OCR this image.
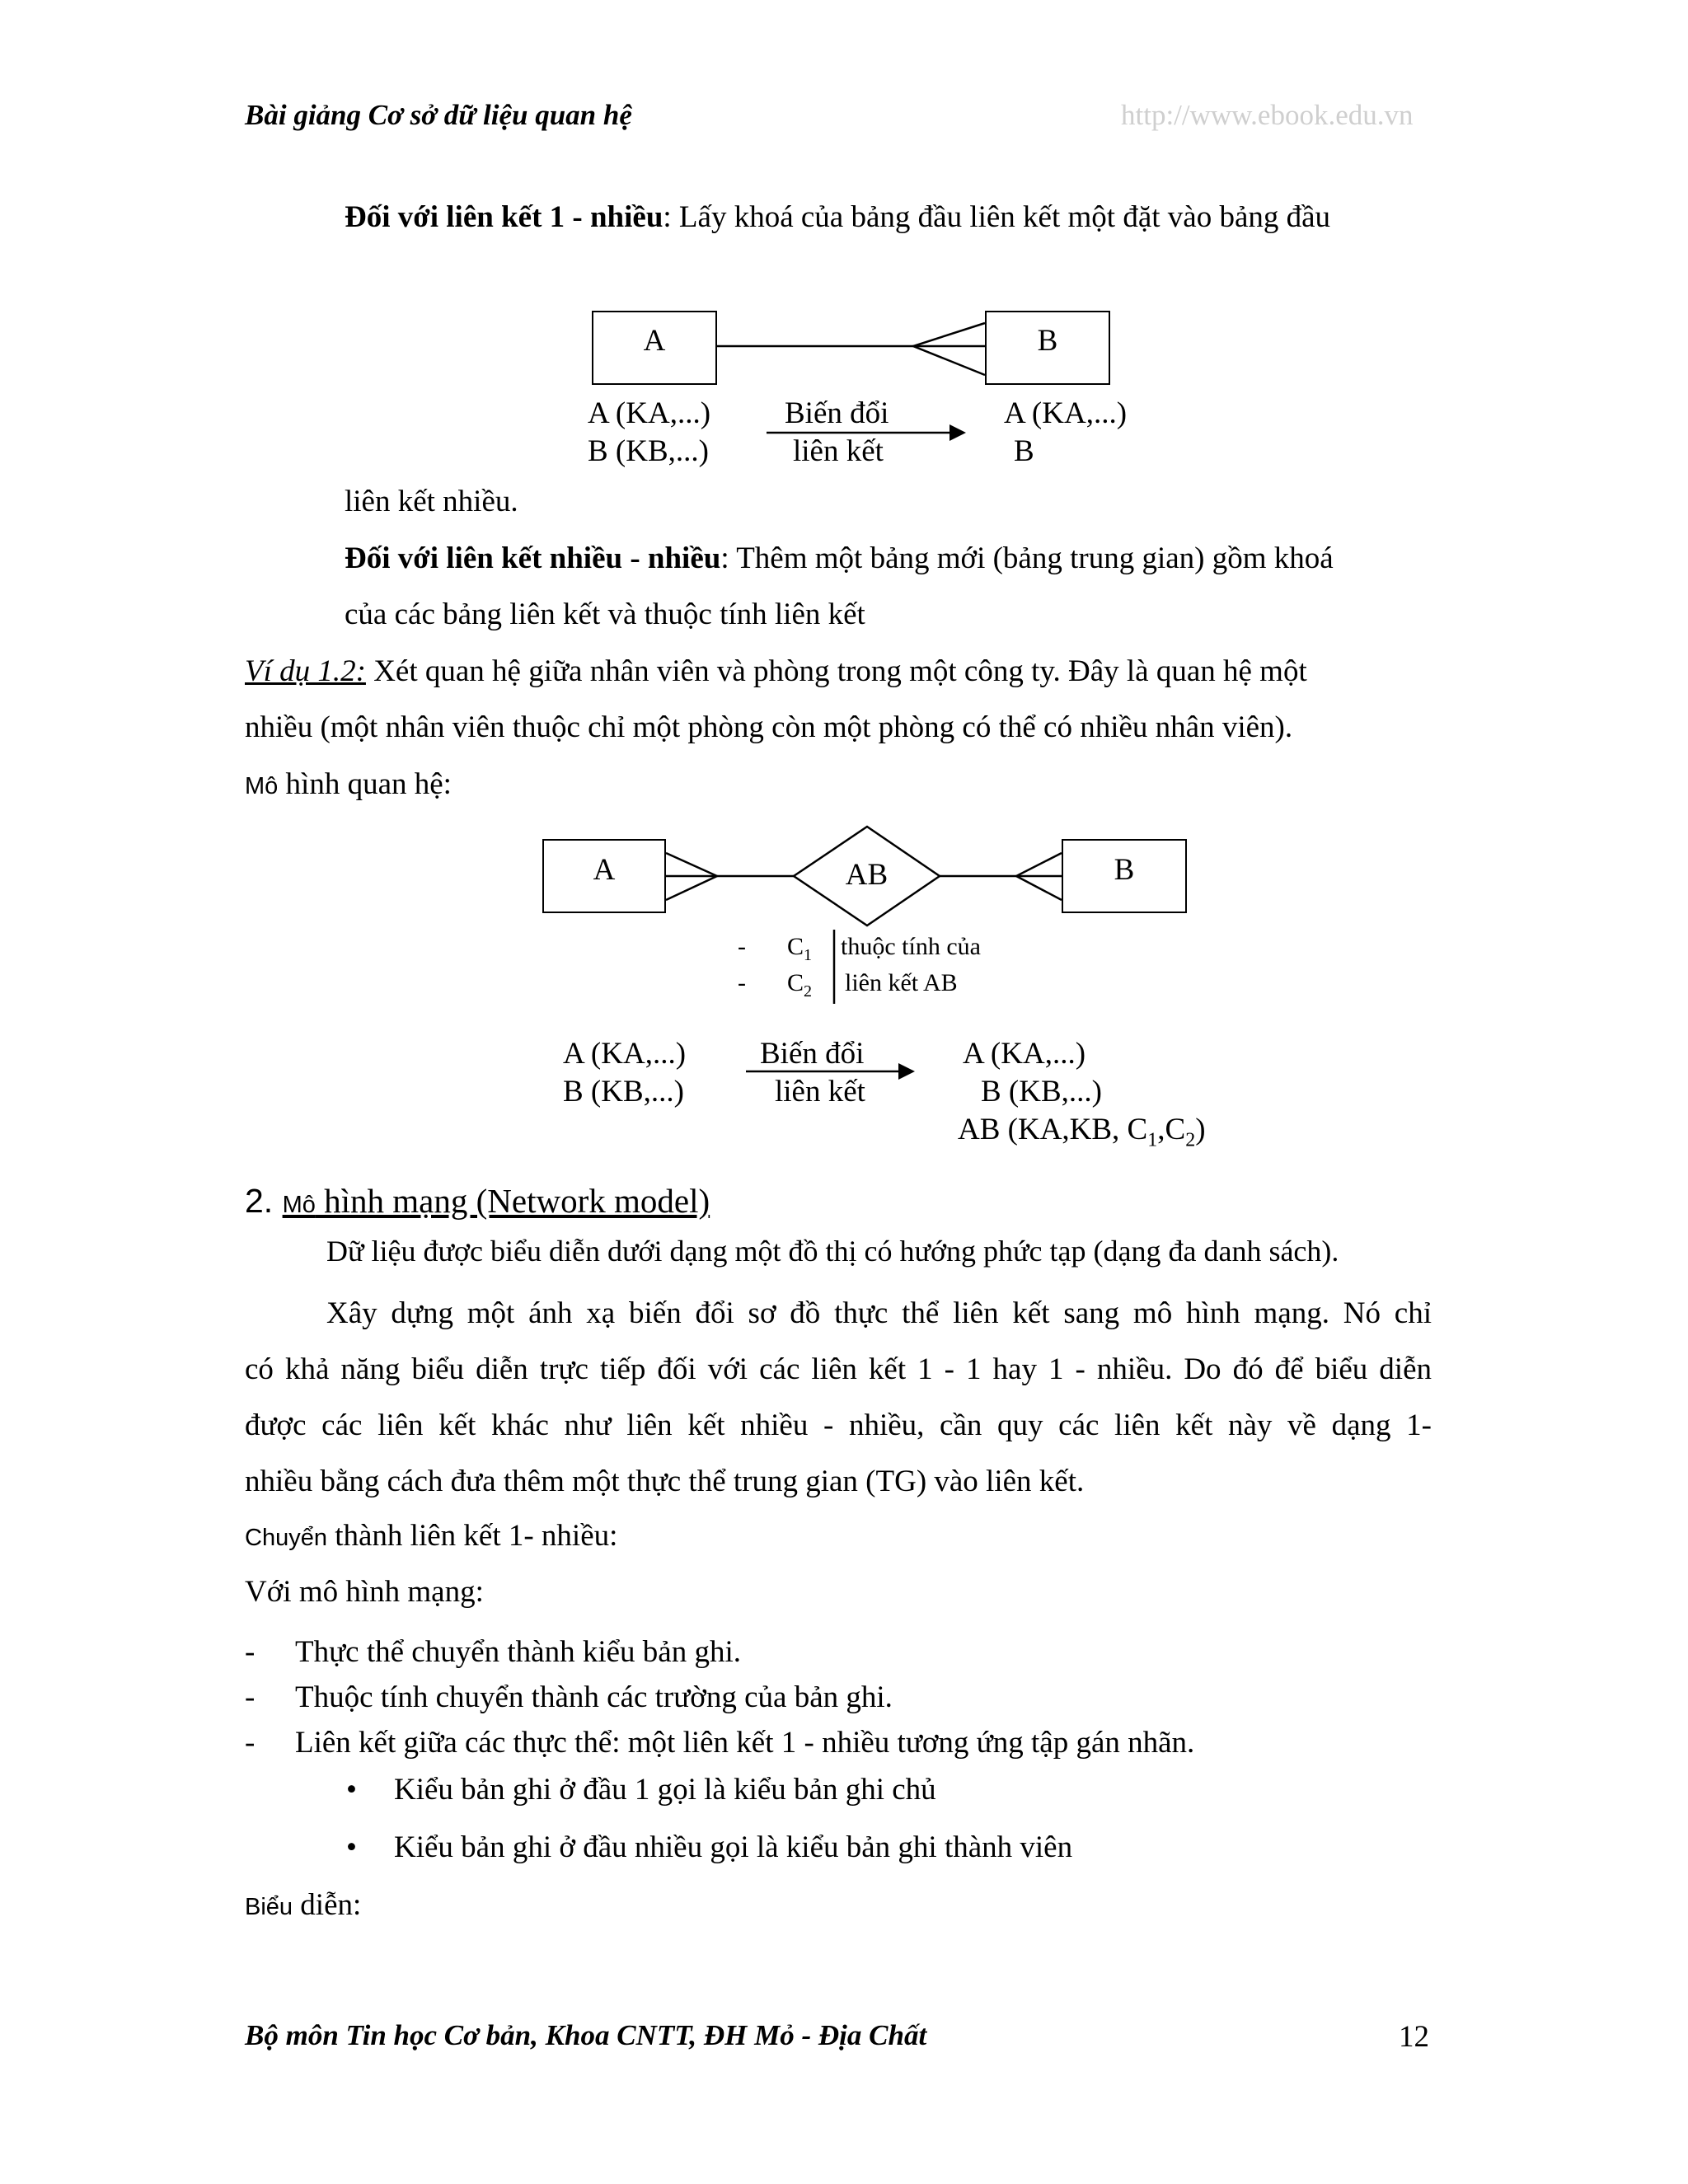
Bài giảng Cơ sở dữ liệu quan hệ	http://www.ebook.edu.vn
Đối với liên kết 1 - nhiều: Lấy khoá của bảng đầu liên kết một đặt vào bảng đầu
A	B
A (KA,...)
B (KB,...)
Biến đổi
liên kết
A (KA,...)
B
liên kết nhiều.
Đối với liên kết nhiều - nhiều: Thêm một bảng mới (bảng trung gian) gồm khoá
của các bảng liên kết và thuộc tính liên kết
Ví dụ 1.2: Xét quan hệ giữa nhân viên và phòng trong một công ty. Đây là quan hệ một
nhiều (một nhân viên thuộc chỉ một phòng còn một phòng có thể có nhiều nhân viên).
Mô hình quan hệ:
A	B
AB
- $C_1$ thuộc tính của
- $C_2$ liên kết AB
A (KA,...)
B (KB,...)
Biến đổi
liên kết
A (KA,...)
B (KB,...)
AB (KA,KB, $C_1,C_2$)
2. Mô hình mạng (Network model)
Dữ liệu được biểu diễn dưới dạng một đồ thị có hướng phức tạp (dạng đa danh sách).
Xây dựng một ánh xạ biến đổi sơ đồ thực thể liên kết sang mô hình mạng. Nó chỉ
có khả năng biểu diễn trực tiếp đối với các liên kết 1 - 1 hay 1 - nhiều. Do đó để biểu diễn
được các liên kết khác như liên kết nhiều - nhiều, cần quy các liên kết này về dạng 1-
nhiều bằng cách đưa thêm một thực thể trung gian (TG) vào liên kết.
Chuyển thành liên kết 1- nhiều:
Với mô hình mạng:
- Thực thể chuyển thành kiểu bản ghi.
- Thuộc tính chuyển thành các trường của bản ghi.
- Liên kết giữa các thực thể: một liên kết 1 - nhiều tương ứng tập gán nhãn.
• Kiểu bản ghi ở đầu 1 gọi là kiểu bản ghi chủ
• Kiểu bản ghi ở đầu nhiều gọi là kiểu bản ghi thành viên
Biểu diễn:
Bộ môn Tin học Cơ bản, Khoa CNTT, ĐH Mỏ - Địa Chất	12
